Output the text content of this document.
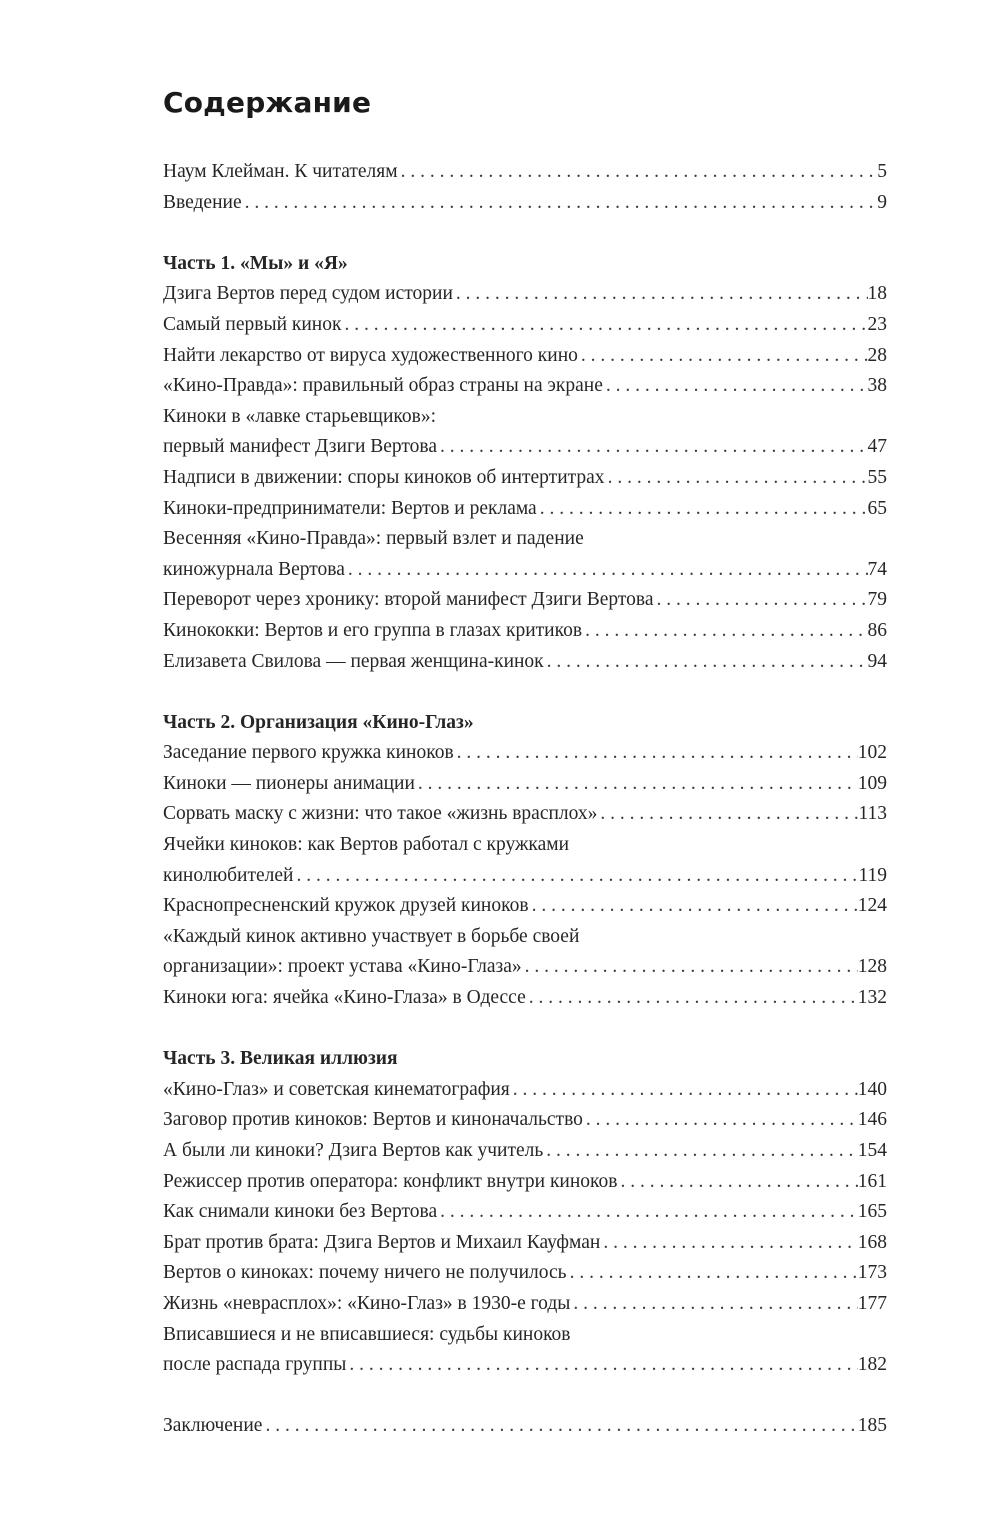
Содержание
Наум Клейман. К читателям . . .	5
Введение . . .	9
Часть 1. «Мы» и «Я»
Дзига Вертов перед судом истории . . .	18
Самый первый кинок . . .	23
Найти лекарство от вируса художественного кино . . .	28
«Кино-Правда»: правильный образ страны на экране . . .	38
Киноки в «лавке старьевщиков»:
первый манифест Дзиги Вертова . . .	47
Надписи в движении: споры киноков об интертитрах . . .	55
Киноки-предприниматели: Вертов и реклама . . .	65
Весенняя «Кино-Правда»: первый взлет и падение
киножурнала Вертова . . .	74
Переворот через хронику: второй манифест Дзиги Вертова . . .	79
Кинококки: Вертов и его группа в глазах критиков . . .	86
Елизавета Свилова — первая женщина-кинок . . .	94
Часть 2. Организация «Кино-Глаз»
Заседание первого кружка киноков . . .	102
Киноки — пионеры анимации . . .	109
Сорвать маску с жизни: что такое «жизнь врасплох» . . .	113
Ячейки киноков: как Вертов работал с кружками
кинолюбителей . . .	119
Краснопресненский кружок друзей киноков . . .	124
«Каждый кинок активно участвует в борьбе своей
организации»: проект устава «Кино-Глаза» . . .	128
Киноки юга: ячейка «Кино-Глаза» в Одессе . . .	132
Часть 3. Великая иллюзия
«Кино-Глаз» и советская кинематография . . .	140
Заговор против киноков: Вертов и киноначальство . . .	146
А были ли киноки? Дзига Вертов как учитель . . .	154
Режиссер против оператора: конфликт внутри киноков . . .	161
Как снимали киноки без Вертова . . .	165
Брат против брата: Дзига Вертов и Михаил Кауфман . . .	168
Вертов о киноках: почему ничего не получилось . . .	173
Жизнь «невраcплох»: «Кино-Глаз» в 1930-е годы . . .	177
Вписавшиеся и не вписавшиеся: судьбы киноков
после распада группы . . .	182
Заключение . . .	185
